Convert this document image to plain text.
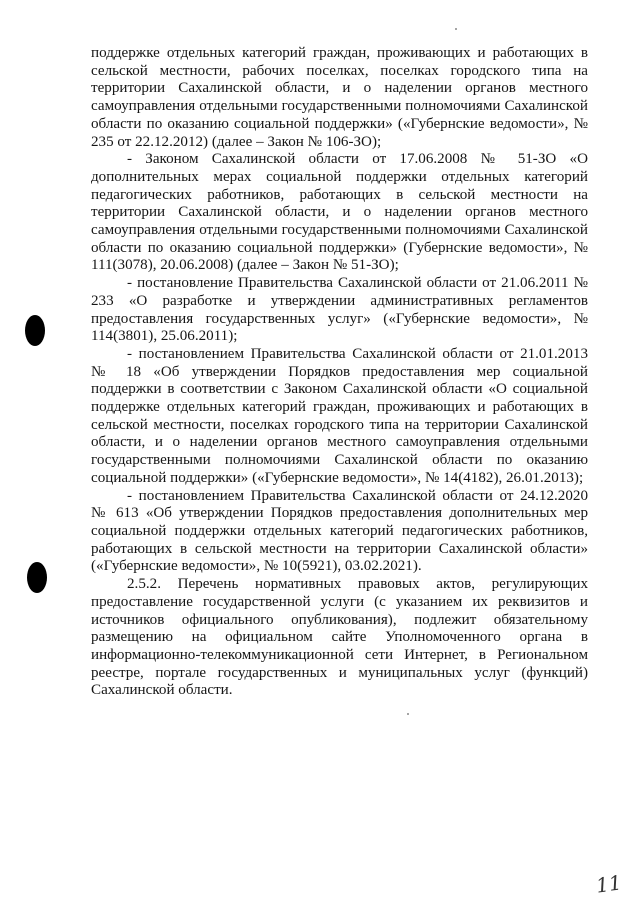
поддержке отдельных категорий граждан, проживающих и работающих в сельской местности, рабочих поселках, поселках городского типа на территории Сахалинской области, и о наделении органов местного самоуправления отдельными государственными полномочиями Сахалинской области по оказанию социальной поддержки» («Губернские ведомости», № 235 от 22.12.2012) (далее – Закон № 106-ЗО);

- Законом Сахалинской области от 17.06.2008 № 51-ЗО «О дополнительных мерах социальной поддержки отдельных категорий педагогических работников, работающих в сельской местности на территории Сахалинской области, и о наделении органов местного самоуправления отдельными государственными полномочиями Сахалинской области по оказанию социальной поддержки» (Губернские ведомости», № 111(3078), 20.06.2008) (далее – Закон № 51-ЗО);

- постановление Правительства Сахалинской области от 21.06.2011 № 233 «О разработке и утверждении административных регламентов предоставления государственных услуг» («Губернские ведомости», № 114(3801), 25.06.2011);

- постановлением Правительства Сахалинской области от 21.01.2013 № 18 «Об утверждении Порядков предоставления мер социальной поддержки в соответствии с Законом Сахалинской области «О социальной поддержке отдельных категорий граждан, проживающих и работающих в сельской местности, поселках городского типа на территории Сахалинской области, и о наделении органов местного самоуправления отдельными государственными полномочиями Сахалинской области по оказанию социальной поддержки» («Губернские ведомости», № 14(4182), 26.01.2013);

- постановлением Правительства Сахалинской области от 24.12.2020 № 613 «Об утверждении Порядков предоставления дополнительных мер социальной поддержки отдельных категорий педагогических работников, работающих в сельской местности на территории Сахалинской области» («Губернские ведомости», № 10(5921), 03.02.2021).

2.5.2. Перечень нормативных правовых актов, регулирующих предоставление государственной услуги (с указанием их реквизитов и источников официального опубликования), подлежит обязательному размещению на официальном сайте Уполномоченного органа в информационно-телекоммуникационной сети Интернет, в Региональном реестре, портале государственных и муниципальных услуг (функций) Сахалинской области.

11
